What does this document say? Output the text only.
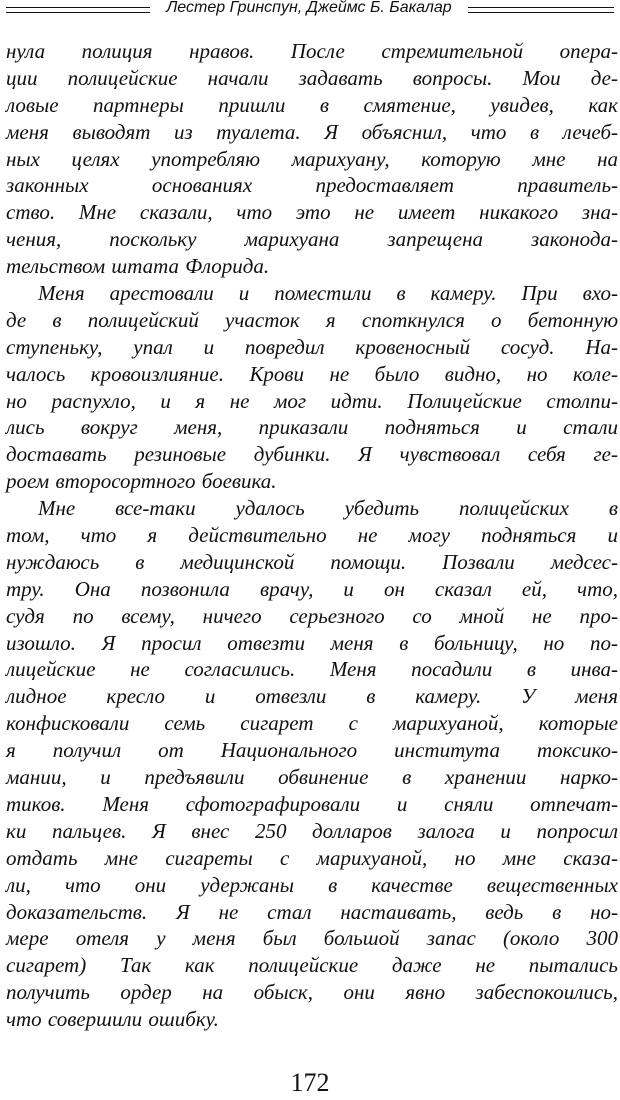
Лестер Гринспун, Джеймс Б. Бакалар
нула полиция нравов. После стремительной опера-
ции полицейские начали задавать вопросы. Мои де-
ловые партнеры пришли в смятение, увидев, как
меня выводят из туалета. Я объяснил, что в лечеб-
ных целях употребляю марихуану, которую мне на
законных основаниях предоставляет правитель-
ство. Мне сказали, что это не имеет никакого зна-
чения, поскольку марихуана запрещена законода-
тельством штата Флорида.
Меня арестовали и поместили в камеру. При вхо-
де в полицейский участок я споткнулся о бетонную
ступеньку, упал и повредил кровеносный сосуд. На-
чалось кровоизлияние. Крови не было видно, но коле-
но распухло, и я не мог идти. Полицейские столпи-
лись вокруг меня, приказали подняться и стали
доставать резиновые дубинки. Я чувствовал себя ге-
роем второсортного боевика.
Мне все-таки удалось убедить полицейских в
том, что я действительно не могу подняться и
нуждаюсь в медицинской помощи. Позвали медсес-
тру. Она позвонила врачу, и он сказал ей, что,
судя по всему, ничего серьезного со мной не про-
изошло. Я просил отвезти меня в больницу, но по-
лицейские не согласились. Меня посадили в инва-
лидное кресло и отвезли в камеру. У меня
конфисковали семь сигарет с марихуаной, которые
я получил от Национального института токсико-
мании, и предъявили обвинение в хранении нарко-
тиков. Меня сфотографировали и сняли отпечат-
ки пальцев. Я внес 250 долларов залога и попросил
отдать мне сигареты с марихуаной, но мне сказа-
ли, что они удержаны в качестве вещественных
доказательств. Я не стал настаивать, ведь в но-
мере отеля у меня был большой запас (около 300
сигарет) Так как полицейские даже не пытались
получить ордер на обыск, они явно забеспокоились,
что совершили ошибку.
172
